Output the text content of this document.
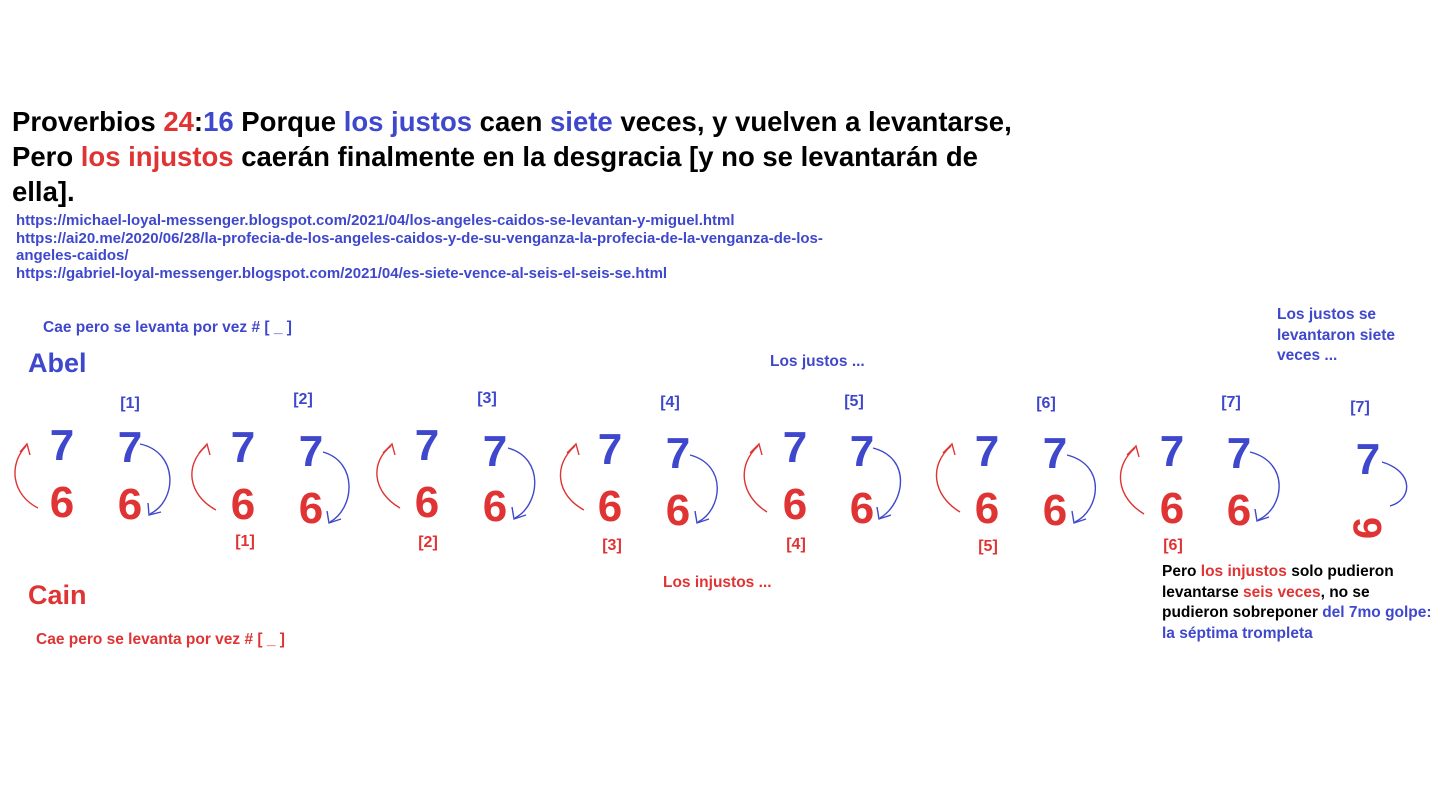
Proverbios 24:16 Porque los justos caen siete veces, y vuelven a levantarse, Pero los injustos caerán finalmente en la desgracia [y no se levantarán de ella].
https://michael-loyal-messenger.blogspot.com/2021/04/los-angeles-caidos-se-levantan-y-miguel.html
https://ai20.me/2020/06/28/la-profecia-de-los-angeles-caidos-y-de-su-venganza-la-profecia-de-la-venganza-de-los-
angeles-caidos/
https://gabriel-loyal-messenger.blogspot.com/2021/04/es-siete-vence-al-seis-el-seis-se.html
Cae pero se levanta por vez # [ _ ]
Abel	Los justos ...
Los justos se levantaron siete veces ...
Cain
Cae pero se levanta por vez # [ _ ]
Los injustos ...
Pero los injustos solo pudieron levantarse seis veces, no se pudieron sobreponer del 7mo golpe: la séptima trompleta
7
6
7
6
7
6
7
6
7
6
7
6
7
6
7
6
7
6
7
6
7
6
7
6
7
6
7
6
7
6
[1]	[2]	[3]	[4]	[5]	[6]	[7]	[7]
[1]	[2]	[3]	[4]	[5]	[6]
